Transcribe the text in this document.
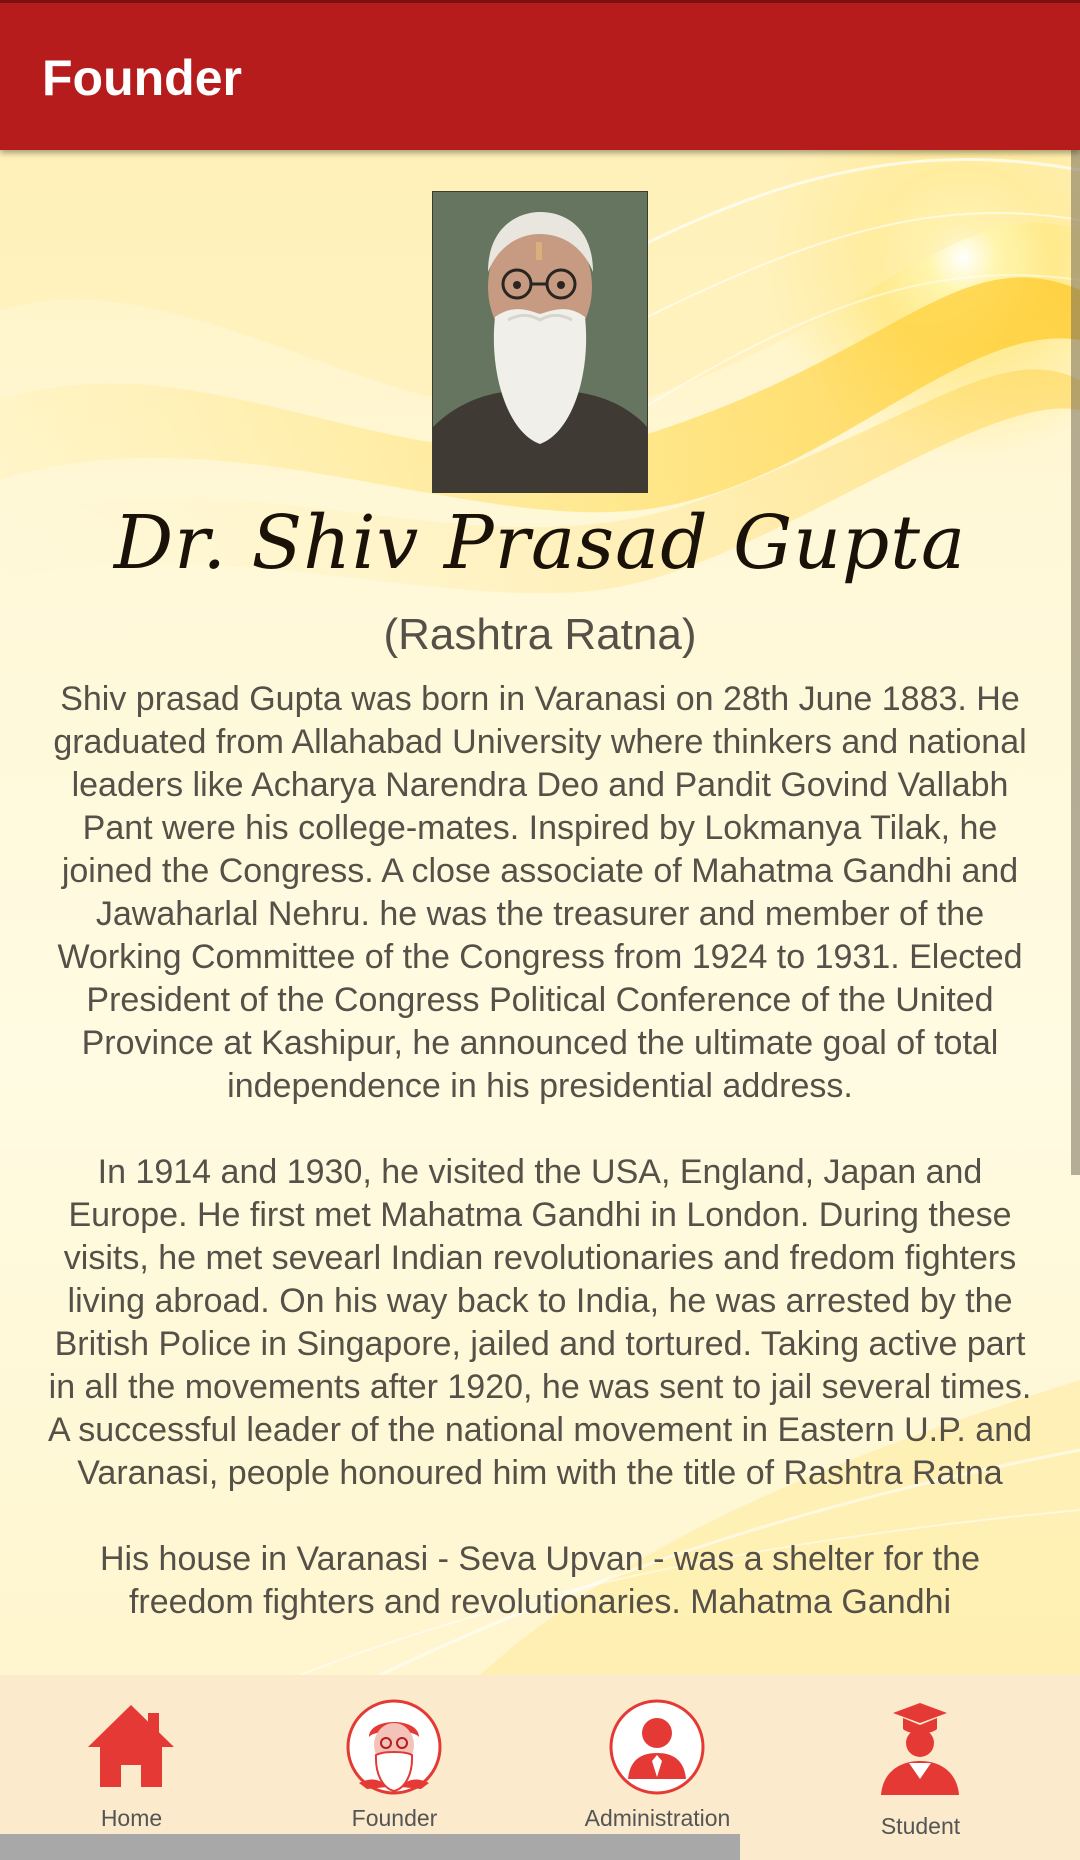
Founder
Dr. Shiv Prasad Gupta
(Rashtra Ratna)

Shiv prasad Gupta was born in Varanasi on 28th June 1883. He graduated from Allahabad University where thinkers and national leaders like Acharya Narendra Deo and Pandit Govind Vallabh Pant were his college-mates. Inspired by Lokmanya Tilak, he joined the Congress. A close associate of Mahatma Gandhi and Jawaharlal Nehru. he was the treasurer and member of the Working Committee of the Congress from 1924 to 1931. Elected President of the Congress Political Conference of the United Province at Kashipur, he announced the ultimate goal of total independence in his presidential address.

In 1914 and 1930, he visited the USA, England, Japan and Europe. He first met Mahatma Gandhi in London. During these visits, he met sevearl Indian revolutionaries and fredom fighters living abroad. On his way back to India, he was arrested by the British Police in Singapore, jailed and tortured. Taking active part in all the movements after 1920, he was sent to jail several times. A successful leader of the national movement in Eastern U.P. and Varanasi, people honoured him with the title of Rashtra Ratna

His house in Varanasi - Seva Upvan - was a shelter for the freedom fighters and revolutionaries. Mahatma Gandhi

Home	Founder	Administration	Student
